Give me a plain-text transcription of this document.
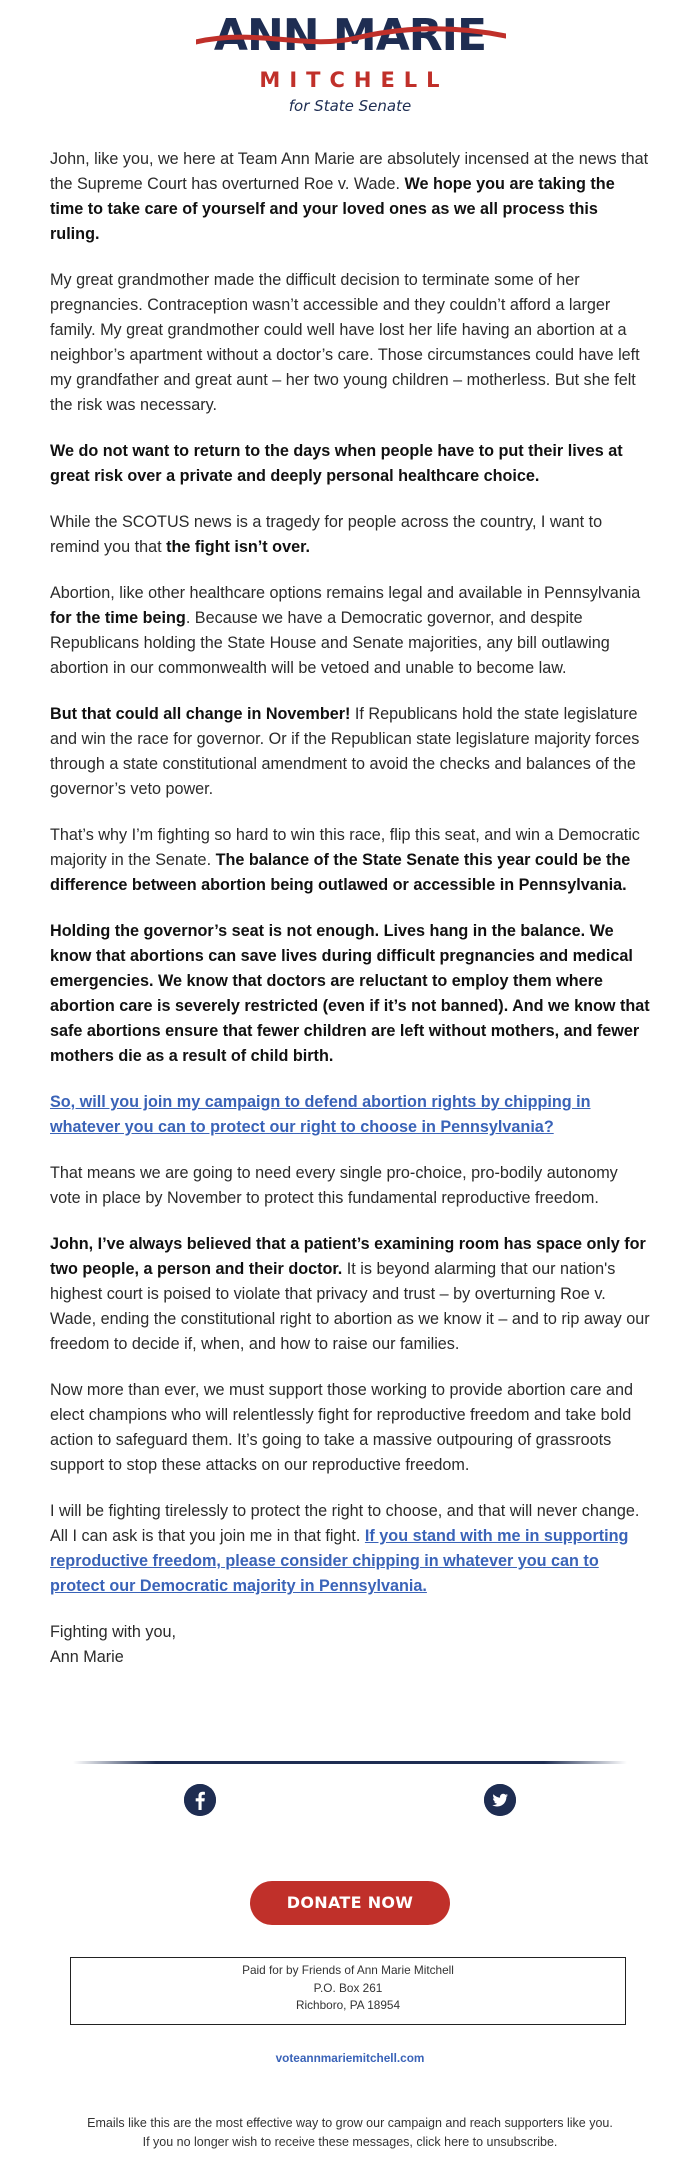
ANN MARIE
MITCHELL
for State Senate

John, like you, we here at Team Ann Marie are absolutely incensed at the news that the Supreme Court has overturned Roe v. Wade. We hope you are taking the time to take care of yourself and your loved ones as we all process this ruling.

My great grandmother made the difficult decision to terminate some of her pregnancies. Contraception wasn’t accessible and they couldn’t afford a larger family. My great grandmother could well have lost her life having an abortion at a neighbor’s apartment without a doctor’s care. Those circumstances could have left my grandfather and great aunt – her two young children – motherless. But she felt the risk was necessary.

We do not want to return to the days when people have to put their lives at great risk over a private and deeply personal healthcare choice.

While the SCOTUS news is a tragedy for people across the country, I want to remind you that the fight isn’t over.

Abortion, like other healthcare options remains legal and available in Pennsylvania for the time being. Because we have a Democratic governor, and despite Republicans holding the State House and Senate majorities, any bill outlawing abortion in our commonwealth will be vetoed and unable to become law.

But that could all change in November! If Republicans hold the state legislature and win the race for governor. Or if the Republican state legislature majority forces through a state constitutional amendment to avoid the checks and balances of the governor’s veto power.

That’s why I’m fighting so hard to win this race, flip this seat, and win a Democratic majority in the Senate. The balance of the State Senate this year could be the difference between abortion being outlawed or accessible in Pennsylvania.

Holding the governor’s seat is not enough. Lives hang in the balance. We know that abortions can save lives during difficult pregnancies and medical emergencies. We know that doctors are reluctant to employ them where abortion care is severely restricted (even if it’s not banned). And we know that safe abortions ensure that fewer children are left without mothers, and fewer mothers die as a result of child birth.

So, will you join my campaign to defend abortion rights by chipping in whatever you can to protect our right to choose in Pennsylvania?

That means we are going to need every single pro-choice, pro-bodily autonomy vote in place by November to protect this fundamental reproductive freedom.

John, I’ve always believed that a patient’s examining room has space only for two people, a person and their doctor. It is beyond alarming that our nation's highest court is poised to violate that privacy and trust – by overturning Roe v. Wade, ending the constitutional right to abortion as we know it – and to rip away our freedom to decide if, when, and how to raise our families.

Now more than ever, we must support those working to provide abortion care and elect champions who will relentlessly fight for reproductive freedom and take bold action to safeguard them. It’s going to take a massive outpouring of grassroots support to stop these attacks on our reproductive freedom.

I will be fighting tirelessly to protect the right to choose, and that will never change. All I can ask is that you join me in that fight. If you stand with me in supporting reproductive freedom, please consider chipping in whatever you can to protect our Democratic majority in Pennsylvania.

Fighting with you,
Ann Marie
DONATE NOW
Paid for by Friends of Ann Marie Mitchell
P.O. Box 261
Richboro, PA 18954
voteannmariemitchell.com
Emails like this are the most effective way to grow our campaign and reach supporters like you.
If you no longer wish to receive these messages, click here to unsubscribe.
